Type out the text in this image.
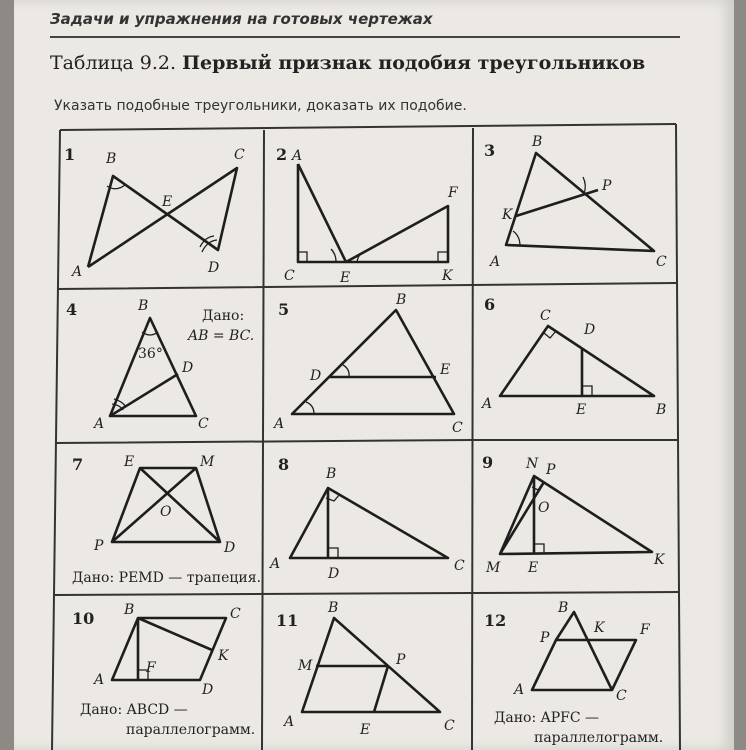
Задачи и упражнения на готовых чертежах
Таблица 9.2. Первый признак подобия треугольников
Указать подобные треугольники, доказать их подобие.
1 B	C
E
A	D
2 A
F
C	E	K
3	B
P
K
A	C
4	B
36°
D
A	C
Дано:
AB = BC.
5	B
D	E
A	C
6
C
D
A	E	B
7	E	M
O
P	D
Дано: PEMD — трапеция.
8	B
A
D	C
9 N P
O
M E	K
10 B	C
K
F
A
D
Дано: ABCD —
параллелограмм.
11
B
M	P
A	E	C
12
B
K	F
P
A	C
Дано: APFC —
параллелограмм.
